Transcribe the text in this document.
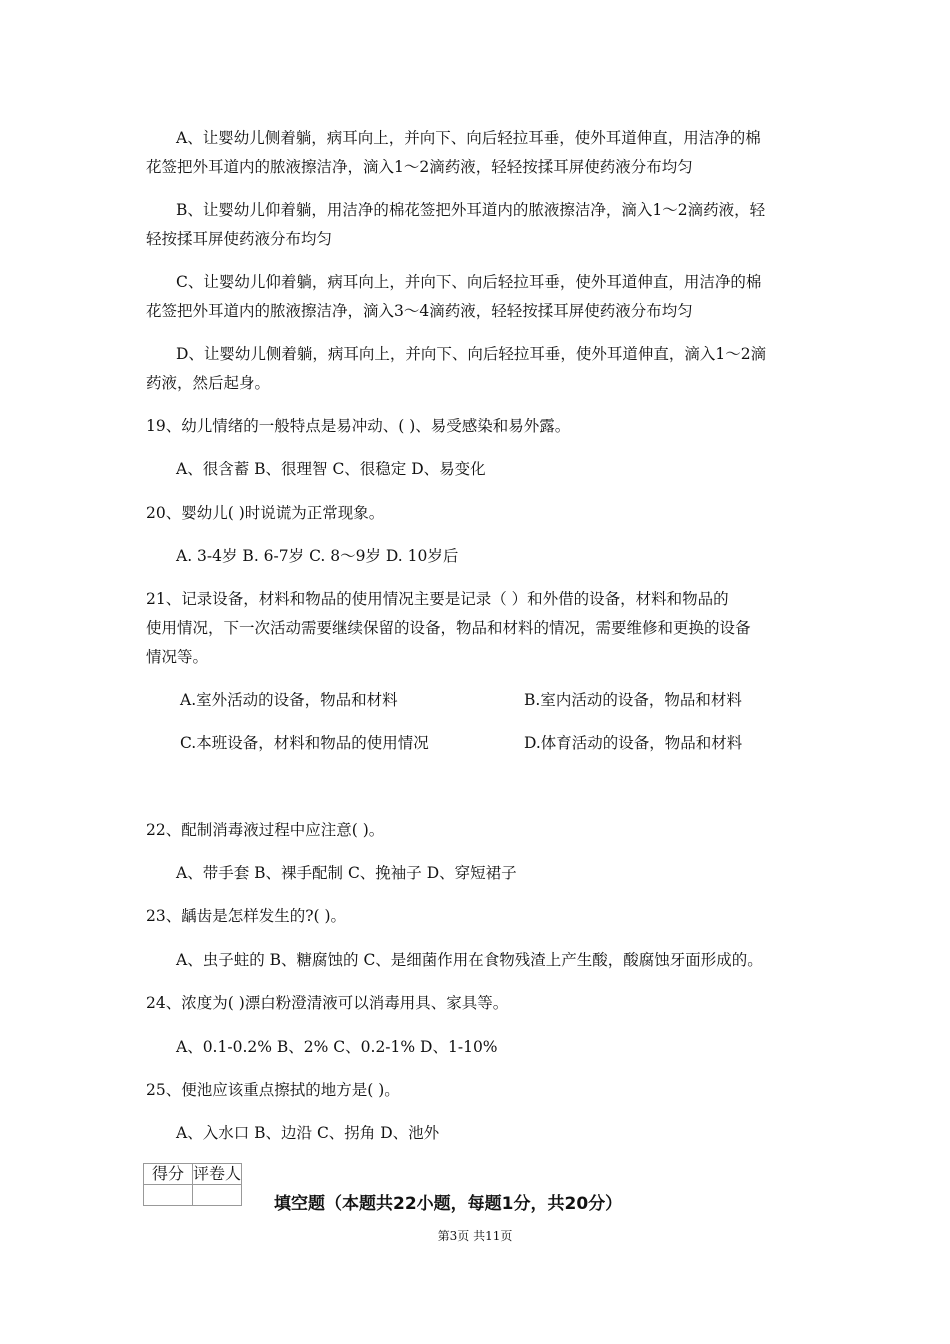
A、让婴幼儿侧着躺，病耳向上，并向下、向后轻拉耳垂，使外耳道伸直，用洁净的棉
花签把外耳道内的脓液擦洁净，滴入1～2滴药液，轻轻按揉耳屏使药液分布均匀
B、让婴幼儿仰着躺，用洁净的棉花签把外耳道内的脓液擦洁净，滴入1～2滴药液，轻
轻按揉耳屏使药液分布均匀
C、让婴幼儿仰着躺，病耳向上，并向下、向后轻拉耳垂，使外耳道伸直，用洁净的棉
花签把外耳道内的脓液擦洁净，滴入3～4滴药液，轻轻按揉耳屏使药液分布均匀
D、让婴幼儿侧着躺，病耳向上，并向下、向后轻拉耳垂，使外耳道伸直，滴入1～2滴
药液，然后起身。
19、幼儿情绪的一般特点是易冲动、( )、易受感染和易外露。
A、很含蓄 B、很理智 C、很稳定 D、易变化
20、婴幼儿( )时说谎为正常现象。
A. 3-4岁 B. 6-7岁 C. 8～9岁 D. 10岁后
21、记录设备，材料和物品的使用情况主要是记录（ ）和外借的设备，材料和物品的
使用情况，下一次活动需要继续保留的设备，物品和材料的情况，需要维修和更换的设备
情况等。
A.室外活动的设备，物品和材料	B.室内活动的设备，物品和材料
C.本班设备，材料和物品的使用情况	D.体育活动的设备，物品和材料
22、配制消毒液过程中应注意( )。
A、带手套 B、裸手配制 C、挽袖子 D、穿短裙子
23、龋齿是怎样发生的?( )。
A、虫子蛀的 B、糖腐蚀的 C、是细菌作用在食物残渣上产生酸，酸腐蚀牙面形成的。
24、浓度为( )漂白粉澄清液可以消毒用具、家具等。
A、0.1-0.2% B、2% C、0.2-1% D、1-10%
25、便池应该重点擦拭的地方是( )。
A、入水口 B、边沿 C、拐角 D、池外
得分	评卷人

填空题（本题共22小题，每题1分，共20分）
第3页 共11页
